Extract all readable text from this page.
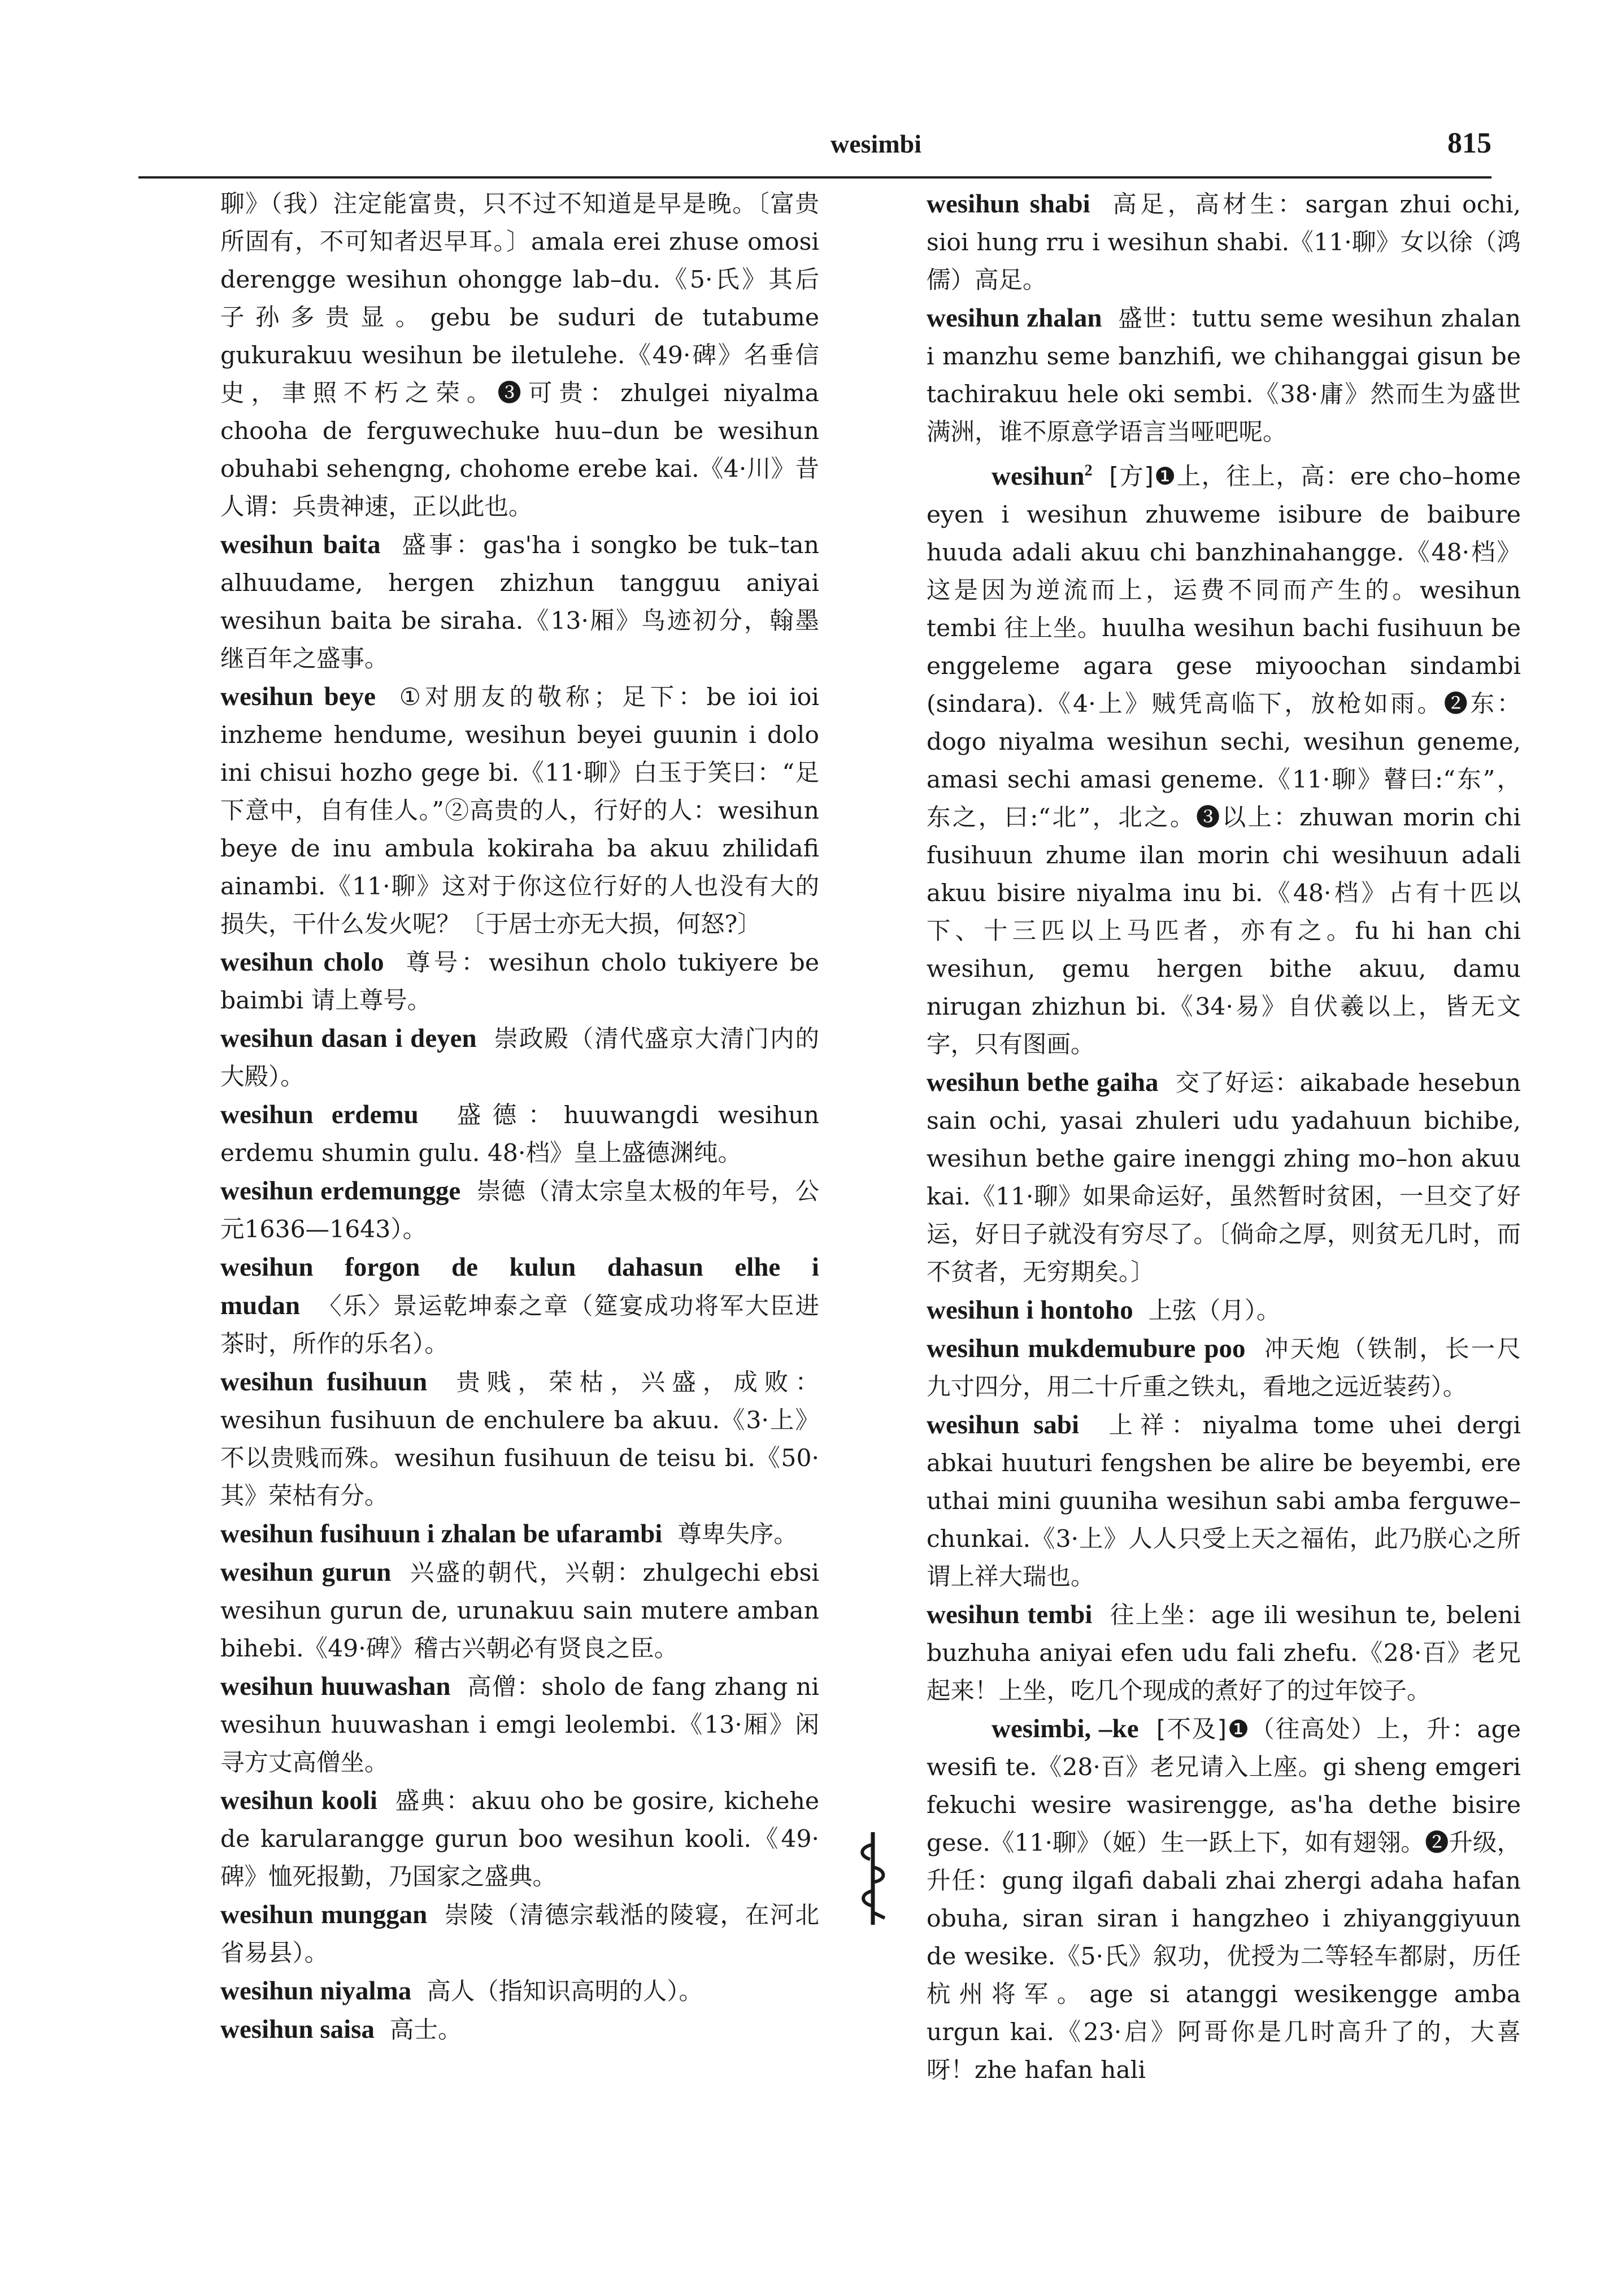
wesimbi	815

聊》（我）注定能富贵，只不过不知道是早是晚。〔富贵所固有，不可知者迟早耳。〕amala erei zhuse omosi derengge wesihun ohongge lab–du.《5·氏》其后子孙多贵显。gebu be suduri de tutabume gukurakuu wesihun be iletulehe.《49·碑》名垂信史，聿照不朽之荣。❸可贵：zhulgei niyalma chooha de ferguwechuke huu–dun be wesihun obuhabi sehengng, chohome erebe kai.《4·川》昔人谓：兵贵神速，正以此也。

wesihun baita 盛事：gas'ha i songko be tuk–tan alhuudame, hergen zhizhun tangguu aniyai wesihun baita be siraha.《13·厢》鸟迹初分，翰墨继百年之盛事。

wesihun beye ①对朋友的敬称；足下：be ioi ioi inzheme hendume, wesihun beyei guunin i dolo ini chisui hozho gege bi.《11·聊》白玉于笑曰：“足下意中，自有佳人。”②高贵的人，行好的人：wesihun beye de inu ambula kokiraha ba akuu zhilidafi ainambi.《11·聊》这对于你这位行好的人也没有大的损失，干什么发火呢？〔于居士亦无大损，何怒?〕

wesihun cholo 尊号：wesihun cholo tukiyere be baimbi 请上尊号。

wesihun dasan i deyen 崇政殿（清代盛京大清门内的大殿）。

wesihun erdemu 盛德：huuwangdi wesihun erdemu shumin gulu. 48·档》皇上盛德渊纯。

wesihun erdemungge 崇德（清太宗皇太极的年号，公元1636—1643）。

wesihun forgon de kulun dahasun elhe i mudan 〈乐〉景运乾坤泰之章（筵宴成功将军大臣进茶时，所作的乐名）。

wesihun fusihuun 贵贱，荣枯，兴盛，成败：wesihun fusihuun de enchulere ba akuu.《3·上》不以贵贱而殊。wesihun fusihuun de teisu bi.《50·其》荣枯有分。

wesihun fusihuun i zhalan be ufarambi 尊卑失序。

wesihun gurun 兴盛的朝代，兴朝：zhulgechi ebsi wesihun gurun de, urunakuu sain mutere amban bihebi.《49·碑》稽古兴朝必有贤良之臣。

wesihun huuwashan 高僧：sholo de fang zhang ni wesihun huuwashan i emgi leolembi.《13·厢》闲寻方丈高僧坐。

wesihun kooli 盛典：akuu oho be gosire, kichehe de karularangge gurun boo wesihun kooli.《49·碑》恤死报勤，乃国家之盛典。

wesihun munggan 崇陵（清德宗载湉的陵寝，在河北省易县）。

wesihun niyalma 高人（指知识高明的人）。

wesihun saisa 高士。

wesihun shabi 高足，高材生：sargan zhui ochi, sioi hung rru i wesihun shabi.《11·聊》女以徐（鸿儒）高足。

wesihun zhalan 盛世：tuttu seme wesihun zhalan i manzhu seme banzhifi, we chihanggai gisun be tachirakuu hele oki sembi.《38·庸》然而生为盛世满洲，谁不原意学语言当哑吧呢。

wesihun$^2$ [方]❶上，往上，高：ere cho–home eyen i wesihun zhuweme isibure de baibure huuda adali akuu chi banzhinahangge.《48·档》这是因为逆流而上，运费不同而产生的。wesihun tembi 往上坐。huulha wesihun bachi fusihuun be enggeleme agara gese miyoochan sindambi (sindara).《4·上》贼凭高临下，放枪如雨。❷东：dogo niyalma wesihun sechi, wesihun geneme, amasi sechi amasi geneme.《11·聊》瞽曰:“东”，东之，曰:“北”，北之。❸以上：zhuwan morin chi fusihuun zhume ilan morin chi wesihuun adali akuu bisire niyalma inu bi.《48·档》占有十匹以下、十三匹以上马匹者，亦有之。fu hi han chi wesihun, gemu hergen bithe akuu, damu nirugan zhizhun bi.《34·易》自伏羲以上，皆无文字，只有图画。

wesihun bethe gaiha 交了好运：aikabade hesebun sain ochi, yasai zhuleri udu yadahuun bichibe, wesihun bethe gaire inenggi zhing mo–hon akuu kai.《11·聊》如果命运好，虽然暂时贫困，一旦交了好运，好日子就没有穷尽了。〔倘命之厚，则贫无几时，而不贫者，无穷期矣。〕

wesihun i hontoho 上弦（月）。

wesihun mukdemubure poo 冲天炮（铁制，长一尺九寸四分，用二十斤重之铁丸，看地之远近装药）。

wesihun sabi 上祥：niyalma tome uhei dergi abkai huuturi fengshen be alire be beyembi, ere uthai mini guuniha wesihun sabi amba ferguwe–chunkai.《3·上》人人只受上天之福佑，此乃朕心之所谓上祥大瑞也。

wesihun tembi 往上坐：age ili wesihun te, beleni buzhuha aniyai efen udu fali zhefu.《28·百》老兄起来！上坐，吃几个现成的煮好了的过年饺子。

wesimbi, –ke [不及]❶（往高处）上，升：age wesifi te.《28·百》老兄请入上座。gi sheng emgeri fekuchi wesire wasirengge, as'ha dethe bisire gese.《11·聊》（姬）生一跃上下，如有翅翎。❷升级，升任：gung ilgafi dabali zhai zhergi adaha hafan obuha, siran siran i hangzheo i zhiyanggiyuun de wesike.《5·氏》叙功，优授为二等轻车都尉，历任杭州将军。age si atanggi wesikengge amba urgun kai.《23·启》阿哥你是几时高升了的，大喜呀！zhe hafan hali
